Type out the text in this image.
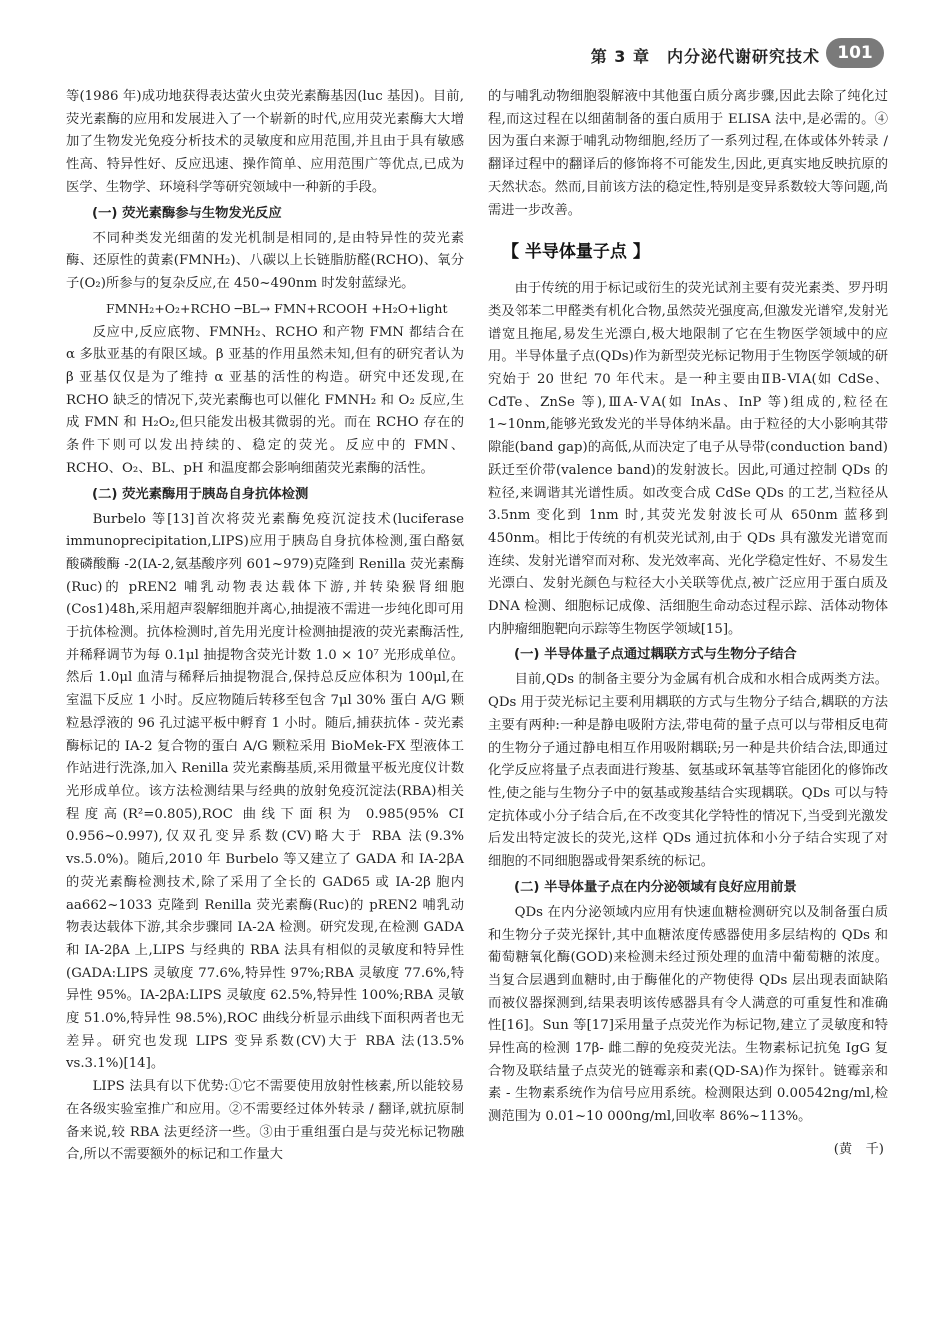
第 3 章　内分泌代谢研究技术	101

等(1986 年)成功地获得表达萤火虫荧光素酶基因(luc 基因)。目前,荧光素酶的应用和发展进入了一个崭新的时代,应用荧光素酶大大增加了生物发光免疫分析技术的灵敏度和应用范围,并且由于具有敏感性高、特异性好、反应迅速、操作简单、应用范围广等优点,已成为医学、生物学、环境科学等研究领域中一种新的手段。

(一) 荧光素酶参与生物发光反应

不同种类发光细菌的发光机制是相同的,是由特异性的荧光素酶、还原性的黄素(FMNH₂)、八碳以上长链脂肪醛(RCHO)、氧分子(O₂)所参与的复杂反应,在 450~490nm 时发射蓝绿光。

FMNH₂+O₂+RCHO ─BL→ FMN+RCOOH +H₂O+light

反应中,反应底物、FMNH₂、RCHO 和产物 FMN 都结合在 α 多肽亚基的有限区域。β 亚基的作用虽然未知,但有的研究者认为 β 亚基仅仅是为了维持 α 亚基的活性的构造。研究中还发现,在 RCHO 缺乏的情况下,荧光素酶也可以催化 FMNH₂ 和 O₂ 反应,生成 FMN 和 H₂O₂,但只能发出极其微弱的光。而在 RCHO 存在的条件下则可以发出持续的、稳定的荧光。反应中的 FMN、RCHO、O₂、BL、pH 和温度都会影响细菌荧光素酶的活性。

(二) 荧光素酶用于胰岛自身抗体检测

Burbelo 等[13]首次将荧光素酶免疫沉淀技术(luciferase immunoprecipitation,LIPS)应用于胰岛自身抗体检测,蛋白酪氨酸磷酸酶 -2(IA-2,氨基酸序列 601~979)克隆到 Renilla 荧光素酶(Ruc)的 pREN2 哺乳动物表达载体下游,并转染猴肾细胞(Cos1)48h,采用超声裂解细胞并离心,抽提液不需进一步纯化即可用于抗体检测。抗体检测时,首先用光度计检测抽提液的荧光素酶活性,并稀释调节为每 0.1μl 抽提物含荧光计数 1.0 × 10⁷ 光形成单位。然后 1.0μl 血清与稀释后抽提物混合,保持总反应体积为 100μl,在室温下反应 1 小时。反应物随后转移至包含 7μl 30% 蛋白 A/G 颗粒悬浮液的 96 孔过滤平板中孵育 1 小时。随后,捕获抗体 - 荧光素酶标记的 IA-2 复合物的蛋白 A/G 颗粒采用 BioMek-FX 型液体工作站进行洗涤,加入 Renilla 荧光素酶基质,采用微量平板光度仪计数光形成单位。该方法检测结果与经典的放射免疫沉淀法(RBA)相关程度高(R²=0.805),ROC 曲线下面积为 0.985(95% CI 0.956~0.997),仅双孔变异系数(CV)略大于 RBA 法(9.3% vs.5.0%)。随后,2010 年 Burbelo 等又建立了 GADA 和 IA-2βA 的荧光素酶检测技术,除了采用了全长的 GAD65 或 IA-2β 胞内 aa662~1033 克隆到 Renilla 荧光素酶(Ruc)的 pREN2 哺乳动物表达载体下游,其余步骤同 IA-2A 检测。研究发现,在检测 GADA 和 IA-2βA 上,LIPS 与经典的 RBA 法具有相似的灵敏度和特异性(GADA:LIPS 灵敏度 77.6%,特异性 97%;RBA 灵敏度 77.6%,特异性 95%。IA-2βA:LIPS 灵敏度 62.5%,特异性 100%;RBA 灵敏度 51.0%,特异性 98.5%),ROC 曲线分析显示曲线下面积两者也无差异。研究也发现 LIPS 变异系数(CV)大于 RBA 法(13.5% vs.3.1%)[14]。

LIPS 法具有以下优势:①它不需要使用放射性核素,所以能较易在各级实验室推广和应用。②不需要经过体外转录 / 翻译,就抗原制备来说,较 RBA 法更经济一些。③由于重组蛋白是与荧光标记物融合,所以不需要额外的标记和工作量大

的与哺乳动物细胞裂解液中其他蛋白质分离步骤,因此去除了纯化过程,而这过程在以细菌制备的蛋白质用于 ELISA 法中,是必需的。④因为蛋白来源于哺乳动物细胞,经历了一系列过程,在体或体外转录 / 翻译过程中的翻译后的修饰将不可能发生,因此,更真实地反映抗原的天然状态。然而,目前该方法的稳定性,特别是变异系数较大等问题,尚需进一步改善。

【 半导体量子点 】

由于传统的用于标记或衍生的荧光试剂主要有荧光素类、罗丹明类及邻苯二甲醛类有机化合物,虽然荧光强度高,但激发光谱窄,发射光谱宽且拖尾,易发生光漂白,极大地限制了它在生物医学领域中的应用。半导体量子点(QDs)作为新型荧光标记物用于生物医学领域的研究始于 20 世纪 70 年代末。是一种主要由ⅡB-ⅥA(如 CdSe、CdTe、ZnSe 等),ⅢA-ⅤA(如 InAs、InP 等)组成的,粒径在 1~10nm,能够光致发光的半导体纳米晶。由于粒径的大小影响其带隙能(band gap)的高低,从而决定了电子从导带(conduction band)跃迁至价带(valence band)的发射波长。因此,可通过控制 QDs 的粒径,来调谐其光谱性质。如改变合成 CdSe QDs 的工艺,当粒径从 3.5nm 变化到 1nm 时,其荧光发射波长可从 650nm 蓝移到 450nm。相比于传统的有机荧光试剂,由于 QDs 具有激发光谱宽而连续、发射光谱窄而对称、发光效率高、光化学稳定性好、不易发生光漂白、发射光颜色与粒径大小关联等优点,被广泛应用于蛋白质及 DNA 检测、细胞标记成像、活细胞生命动态过程示踪、活体动物体内肿瘤细胞靶向示踪等生物医学领域[15]。

(一) 半导体量子点通过耦联方式与生物分子结合

目前,QDs 的制备主要分为金属有机合成和水相合成两类方法。QDs 用于荧光标记主要利用耦联的方式与生物分子结合,耦联的方法主要有两种:一种是静电吸附方法,带电荷的量子点可以与带相反电荷的生物分子通过静电相互作用吸附耦联;另一种是共价结合法,即通过化学反应将量子点表面进行羧基、氨基或环氧基等官能团化的修饰改性,使之能与生物分子中的氨基或羧基结合实现耦联。QDs 可以与特定抗体或小分子结合后,在不改变其化学特性的情况下,当受到光激发后发出特定波长的荧光,这样 QDs 通过抗体和小分子结合实现了对细胞的不同细胞器或骨架系统的标记。

(二) 半导体量子点在内分泌领域有良好应用前景

QDs 在内分泌领域内应用有快速血糖检测研究以及制备蛋白质和生物分子荧光探针,其中血糖浓度传感器使用多层结构的 QDs 和葡萄糖氧化酶(GOD)来检测未经过预处理的血清中葡萄糖的浓度。当复合层遇到血糖时,由于酶催化的产物使得 QDs 层出现表面缺陷而被仪器探测到,结果表明该传感器具有令人满意的可重复性和准确性[16]。Sun 等[17]采用量子点荧光作为标记物,建立了灵敏度和特异性高的检测 17β- 雌二醇的免疫荧光法。生物素标记抗兔 IgG 复合物及联结量子点荧光的链霉亲和素(QD-SA)作为探针。链霉亲和素 - 生物素系统作为信号应用系统。检测限达到 0.00542ng/ml,检测范围为 0.01~10 000ng/ml,回收率 86%~113%。

(黄　千)
